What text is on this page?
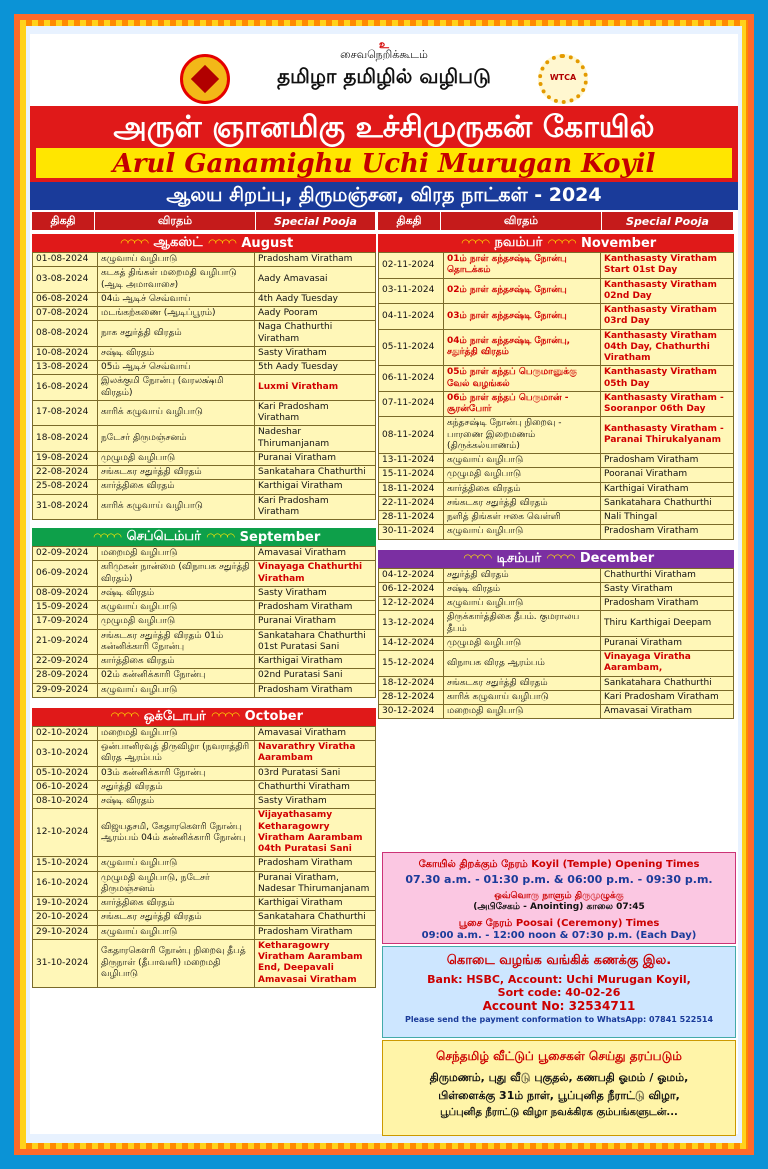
WTCA
உ
சைவநெறிக்கூடம்
தமிழா தமிழில் வழிபடு
அருள் ஞானமிகு உச்சிமுருகன் கோயில்
Arul Ganamighu Uchi Murugan Koyil
ஆலய சிறப்பு, திருமஞ்சன, விரத நாட்கள் - 2024
திகதி	விரதம்	Special Pooja
◠◠◠◠ ஆகஸ்ட் ◠◠◠◠ August
01-08-2024	கழுவாய் வழிபாடு	Pradosham Viratham
03-08-2024	கடகத் திங்கள் மறைமதி வழிபாடு (ஆடி அமாவாசை)	Aady Amavasai
06-08-2024	04ம் ஆடிச் செவ்வாய்	4th Aady Tuesday
07-08-2024	மடங்கற்கணை (ஆடிப்பூரம்)	Aady Pooram
08-08-2024	நாக சதுர்த்தி விரதம்	Naga Chathurthi Viratham
10-08-2024	சஷ்டி விரதம்	Sasty Viratham
13-08-2024	05ம் ஆடிச் செவ்வாய்	5th Aady Tuesday
16-08-2024	இலக்குமி நோன்பு (வரலக்ஷ்மி விரதம்)	Luxmi Viratham
17-08-2024	காரிக் கழுவாய் வழிபாடு	Kari Pradosham Viratham
18-08-2024	நடேசர் திருமஞ்சனம்	Nadeshar Thirumanjanam
19-08-2024	முழுமதி வழிபாடு	Puranai Viratham
22-08-2024	சங்கடகர சதுர்த்தி விரதம்	Sankatahara Chathurthi
25-08-2024	கார்த்திகை விரதம்	Karthigai Viratham
31-08-2024	காரிக் கழுவாய் வழிபாடு	Kari Pradosham Viratham
◠◠◠◠ செப்டெம்பர் ◠◠◠◠ September
02-09-2024	மறைமதி வழிபாடு	Amavasai Viratham
06-09-2024	கரிமுகன் நான்மை (விநாயக சதுர்த்தி விரதம்)	Vinayaga Chathurthi Viratham
08-09-2024	சஷ்டி விரதம்	Sasty Viratham
15-09-2024	கழுவாய் வழிபாடு	Pradosham Viratham
17-09-2024	முழுமதி வழிபாடு	Puranai Viratham
21-09-2024	சங்கடகர சதுர்த்தி விரதம் 01ம் கன்னிக்காரி நோன்பு	Sankatahara Chathurthi 01st Puratasi Sani
22-09-2024	கார்த்திகை விரதம்	Karthigai Viratham
28-09-2024	02ம் கன்னிக்காரி நோன்பு	02nd Puratasi Sani
29-09-2024	கழுவாய் வழிபாடு	Pradosham Viratham
◠◠◠◠ ஒக்டோபர் ◠◠◠◠ October
02-10-2024	மறைமதி வழிபாடு	Amavasai Viratham
03-10-2024	ஒன்பானிரவுத் திருவிழா (நவராத்திரி விரத ஆரம்பம்	Navarathry Viratha Aarambam
05-10-2024	03ம் கன்னிக்காரி நோன்பு	03rd Puratasi Sani
06-10-2024	சதுர்த்தி விரதம்	Chathurthi Viratham
08-10-2024	சஷ்டி விரதம்	Sasty Viratham
12-10-2024	விஜயதசமி, கேதாரகௌரி நோன்பு ஆரம்பம் 04ம் கன்னிக்காரி நோன்பு	Vijayathasamy Ketharagowry Viratham Aarambam 04th Puratasi Sani
15-10-2024	கழுவாய் வழிபாடு	Pradosham Viratham
16-10-2024	முழுமதி வழிபாடு, நடேசர் திருமஞ்சனம்	Puranai Viratham, Nadesar Thirumanjanam
19-10-2024	கார்த்திகை விரதம்	Karthigai Viratham
20-10-2024	சங்கடகர சதுர்த்தி விரதம்	Sankatahara Chathurthi
29-10-2024	கழுவாய் வழிபாடு	Pradosham Viratham
31-10-2024	கேதாரகௌரி நோன்பு நிறைவு தீபத் திருநாள் (தீபாவளி) மறைமதி வழிபாடு	Ketharagowry Viratham Aarambam End, Deepavali Amavasai Viratham
திகதி	விரதம்	Special Pooja
◠◠◠◠ நவம்பர் ◠◠◠◠ November
02-11-2024	01ம் நாள் கந்தசஷ்டி நோன்பு தொடக்கம்	Kanthasasty Viratham Start 01st Day
03-11-2024	02ம் நாள் கந்தசஷ்டி நோன்பு	Kanthasasty Viratham 02nd Day
04-11-2024	03ம் நாள் கந்தசஷ்டி நோன்பு	Kanthasasty Viratham 03rd Day
05-11-2024	04ம் நாள் கந்தசஷ்டி நோன்பு, சதுர்த்தி விரதம்	Kanthasasty Viratham 04th Day, Chathurthi Viratham
06-11-2024	05ம் நாள் கந்தப் பெருமானுக்கு வேல் வழங்கல்	Kanthasasty Viratham 05th Day
07-11-2024	06ம் நாள் கந்தப் பெருமான் - சூரன்போர்	Kanthasasty Viratham - Sooranpor 06th Day
08-11-2024	கந்தசஷ்டி நோன்பு நிறைவு - பாரணை இறைமணம் (திருக்கல்யாணம்)	Kanthasasty Viratham - Paranai Thirukalyanam
13-11-2024	கழுவாய் வழிபாடு	Pradosham Viratham
15-11-2024	முழுமதி வழிபாடு	Pooranai Viratham
18-11-2024	கார்த்திகை விரதம்	Karthigai Viratham
22-11-2024	சங்கடகர சதுர்த்தி விரதம்	Sankatahara Chathurthi
28-11-2024	நளித் திங்கள் ஈகை வெள்ளி	Nali Thingal
30-11-2024	கழுவாய் வழிபாடு	Pradosham Viratham
◠◠◠◠ டிசம்பர் ◠◠◠◠ December
04-12-2024	சதுர்த்தி விரதம்	Chathurthi Viratham
06-12-2024	சஷ்டி விரதம்	Sasty Viratham
12-12-2024	கழுவாய் வழிபாடு	Pradosham Viratham
13-12-2024	திருக்கார்த்திகை தீபம். குமராலய தீபம்	Thiru Karthigai Deepam
14-12-2024	முழுமதி வழிபாடு	Puranai Viratham
15-12-2024	விநாயக விரத ஆரம்பம்	Vinayaga Viratha Aarambam,
18-12-2024	சங்கடகர சதுர்த்தி விரதம்	Sankatahara Chathurthi
28-12-2024	காரிக் கழுவாய் வழிபாடு	Kari Pradosham Viratham
30-12-2024	மறைமதி வழிபாடு	Amavasai Viratham
கோயில் திறக்கும் நேரம் Koyil (Temple) Opening Times
07.30 a.m. - 01:30 p.m. & 06:00 p.m. - 09:30 p.m.
ஒவ்வொரு நாளும் திருமுழுக்கு
(அபிசேகம் - Anointing) காலை 07:45
பூசை நேரம் Poosai (Ceremony) Times
09:00 a.m. - 12:00 noon & 07:30 p.m. (Each Day)
கொடை வழங்க வங்கிக் கணக்கு இல.
Bank: HSBC, Account: Uchi Murugan Koyil,
Sort code: 40-02-26
Account No: 32534711
Please send the payment conformation to WhatsApp: 07841 522514
செந்தமிழ் வீட்டுப் பூசைகள் செய்து தரப்படும்
திருமணம், புது வீடு புகுதல், கணபதி ஓமம் / ஓமம்,
பிள்ளைக்கு 31ம் நாள், பூப்புனித நீராட்டு விழா,
பூப்புனித நீராட்டு விழா நவக்கிரக கும்பங்களுடன்...
